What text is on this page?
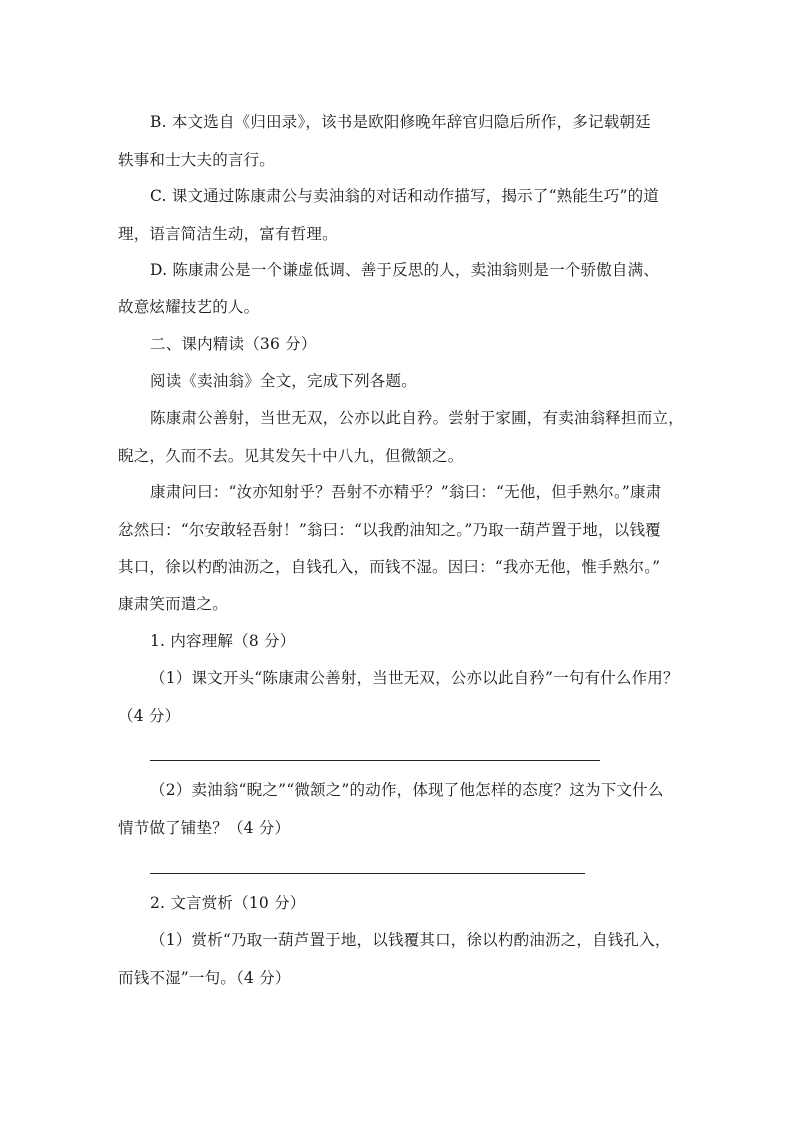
B. 本文选自《归田录》，该书是欧阳修晚年辞官归隐后所作，多记载朝廷
轶事和士大夫的言行。
C. 课文通过陈康肃公与卖油翁的对话和动作描写，揭示了“熟能生巧”的道
理，语言简洁生动，富有哲理。
D. 陈康肃公是一个谦虚低调、善于反思的人，卖油翁则是一个骄傲自满、
故意炫耀技艺的人。
二、课内精读（36 分）
阅读《卖油翁》全文，完成下列各题。
陈康肃公善射，当世无双，公亦以此自矜。尝射于家圃，有卖油翁释担而立，
睨之，久而不去。见其发矢十中八九，但微颔之。
康肃问曰：“汝亦知射乎？吾射不亦精乎？”翁曰：“无他，但手熟尔。”康肃
忿然曰：“尔安敢轻吾射！”翁曰：“以我酌油知之。”乃取一葫芦置于地，以钱覆
其口，徐以杓酌油沥之，自钱孔入，而钱不湿。因曰：“我亦无他，惟手熟尔。”
康肃笑而遣之。
1. 内容理解（8 分）
（1）课文开头“陈康肃公善射，当世无双，公亦以此自矜”一句有什么作用？
（4 分）
（2）卖油翁“睨之”“微颔之”的动作，体现了他怎样的态度？这为下文什么
情节做了铺垫？（4 分）
2. 文言赏析（10 分）
（1）赏析“乃取一葫芦置于地，以钱覆其口，徐以杓酌油沥之，自钱孔入，
而钱不湿”一句。（4 分）
